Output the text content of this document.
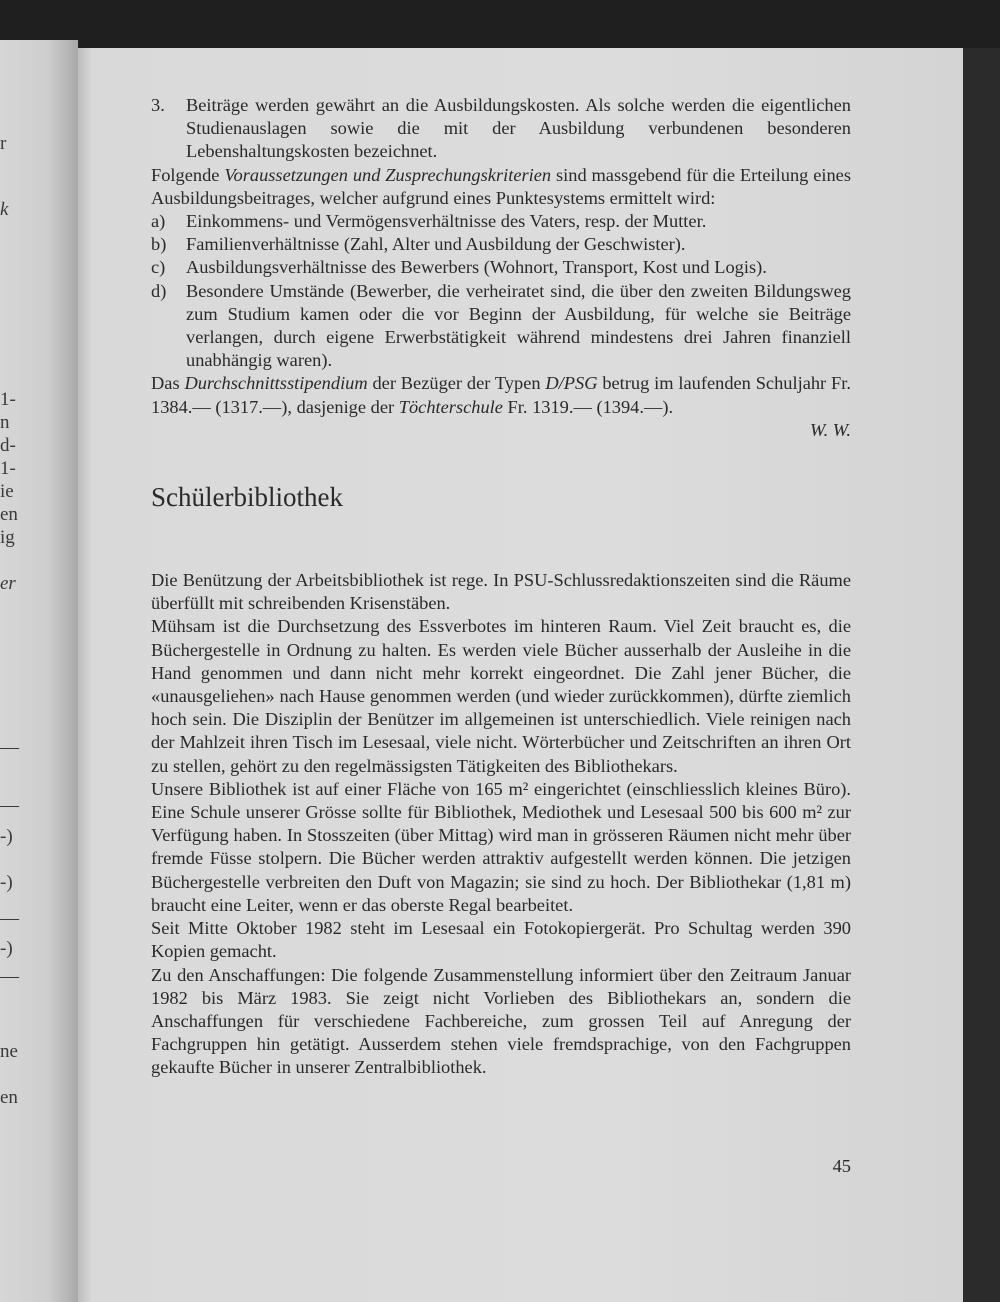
r
k
1-
n
d-
1-
ie
en
ig
er
—
—
-)
-)
—
-)
—
ne
en
3. Beiträge werden gewährt an die Ausbildungskosten. Als solche werden die eigentlichen Studienauslagen sowie die mit der Ausbildung verbundenen besonderen Lebenshaltungskosten bezeichnet.

Folgende Voraussetzungen und Zusprechungskriterien sind massgebend für die Erteilung eines Ausbildungsbeitrages, welcher aufgrund eines Punktesystems ermittelt wird:

a) Einkommens- und Vermögensverhältnisse des Vaters, resp. der Mutter.
b) Familienverhältnisse (Zahl, Alter und Ausbildung der Geschwister).
c) Ausbildungsverhältnisse des Bewerbers (Wohnort, Transport, Kost und Logis).
d) Besondere Umstände (Bewerber, die verheiratet sind, die über den zweiten Bildungsweg zum Studium kamen oder die vor Beginn der Ausbildung, für welche sie Beiträge verlangen, durch eigene Erwerbstätigkeit während mindestens drei Jahren finanziell unabhängig waren).

Das Durchschnittsstipendium der Bezüger der Typen D/PSG betrug im laufenden Schuljahr Fr. 1384.— (1317.—), dasjenige der Töchterschule Fr. 1319.— (1394.—).

W. W.
Schülerbibliothek

Die Benützung der Arbeitsbibliothek ist rege. In PSU-Schlussredaktionszeiten sind die Räume überfüllt mit schreibenden Krisenstäben.

Mühsam ist die Durchsetzung des Essverbotes im hinteren Raum. Viel Zeit braucht es, die Büchergestelle in Ordnung zu halten. Es werden viele Bücher ausserhalb der Ausleihe in die Hand genommen und dann nicht mehr korrekt eingeordnet. Die Zahl jener Bücher, die «unausgeliehen» nach Hause genommen werden (und wieder zurückkommen), dürfte ziemlich hoch sein. Die Disziplin der Benützer im allgemeinen ist unterschiedlich. Viele reinigen nach der Mahlzeit ihren Tisch im Lesesaal, viele nicht. Wörterbücher und Zeitschriften an ihren Ort zu stellen, gehört zu den regelmässigsten Tätigkeiten des Bibliothekars.

Unsere Bibliothek ist auf einer Fläche von 165 m² eingerichtet (einschliesslich kleines Büro). Eine Schule unserer Grösse sollte für Bibliothek, Mediothek und Lesesaal 500 bis 600 m² zur Verfügung haben. In Stosszeiten (über Mittag) wird man in grösseren Räumen nicht mehr über fremde Füsse stolpern. Die Bücher werden attraktiv aufgestellt werden können. Die jetzigen Büchergestelle verbreiten den Duft von Magazin; sie sind zu hoch. Der Bibliothekar (1,81 m) braucht eine Leiter, wenn er das oberste Regal bearbeitet.

Seit Mitte Oktober 1982 steht im Lesesaal ein Fotokopiergerät. Pro Schultag werden 390 Kopien gemacht.

Zu den Anschaffungen: Die folgende Zusammenstellung informiert über den Zeitraum Januar 1982 bis März 1983. Sie zeigt nicht Vorlieben des Bibliothekars an, sondern die Anschaffungen für verschiedene Fachbereiche, zum grossen Teil auf Anregung der Fachgruppen hin getätigt. Ausserdem stehen viele fremdsprachige, von den Fachgruppen gekaufte Bücher in unserer Zentralbibliothek.

45
